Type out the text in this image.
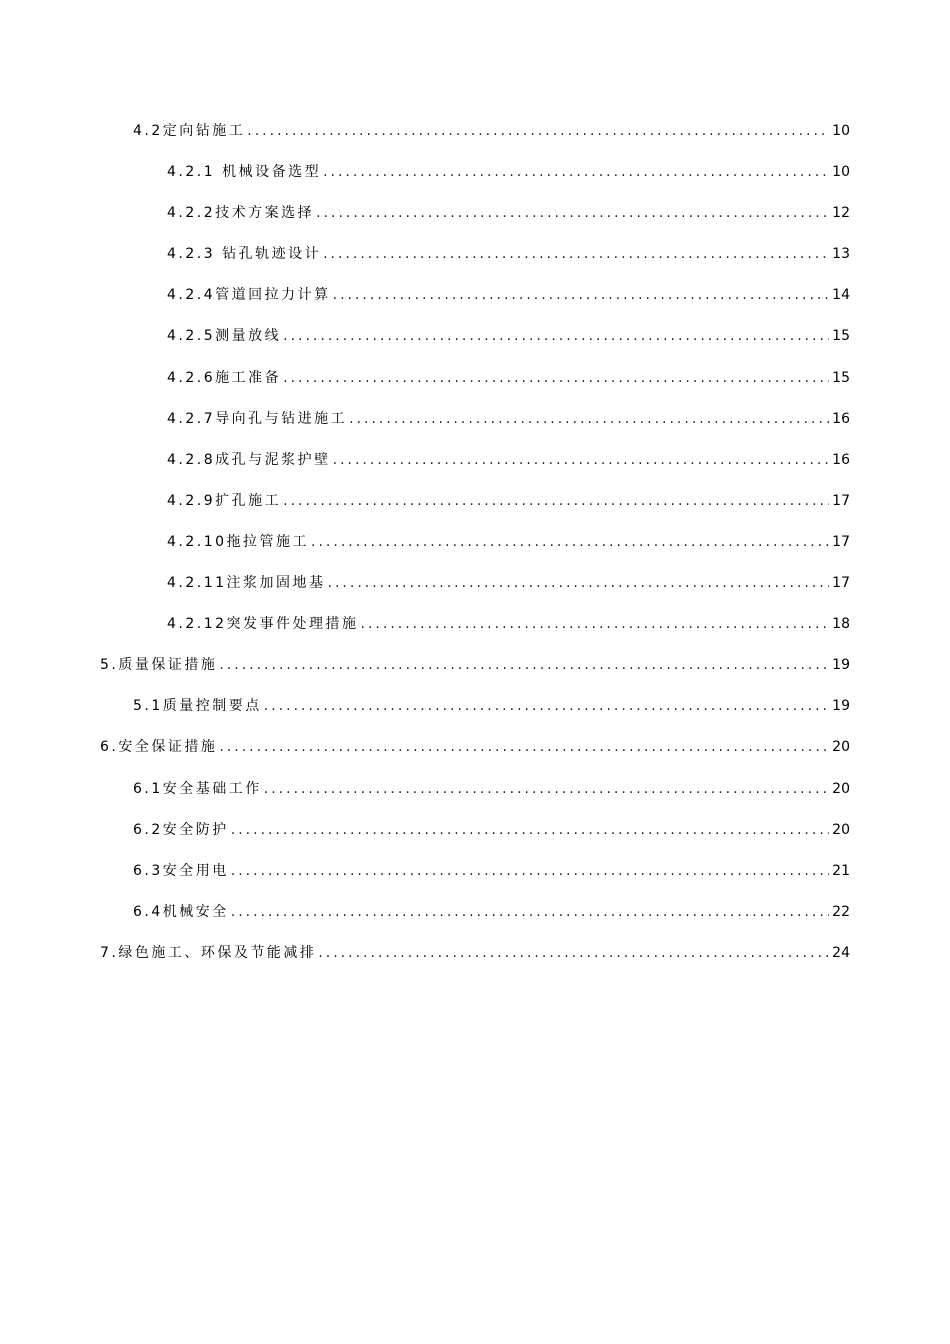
4.2定向钻施工 .....	10
4.2.1 机械设备选型 .....	10
4.2.2技术方案选择 .....	12
4.2.3 钻孔轨迹设计 .....	13
4.2.4管道回拉力计算 .....	14
4.2.5测量放线 .....	15
4.2.6施工准备 .....	15
4.2.7导向孔与钻进施工 .....	16
4.2.8成孔与泥浆护壁 .....	16
4.2.9扩孔施工 .....	17
4.2.10拖拉管施工 .....	17
4.2.11注浆加固地基 .....	17
4.2.12突发事件处理措施 .....	18
5.质量保证措施 .....	19
5.1质量控制要点 .....	19
6.安全保证措施 .....	20
6.1安全基础工作 .....	20
6.2安全防护 .....	20
6.3安全用电 .....	21
6.4机械安全 .....	22
7.绿色施工、环保及节能减排 .....	24
